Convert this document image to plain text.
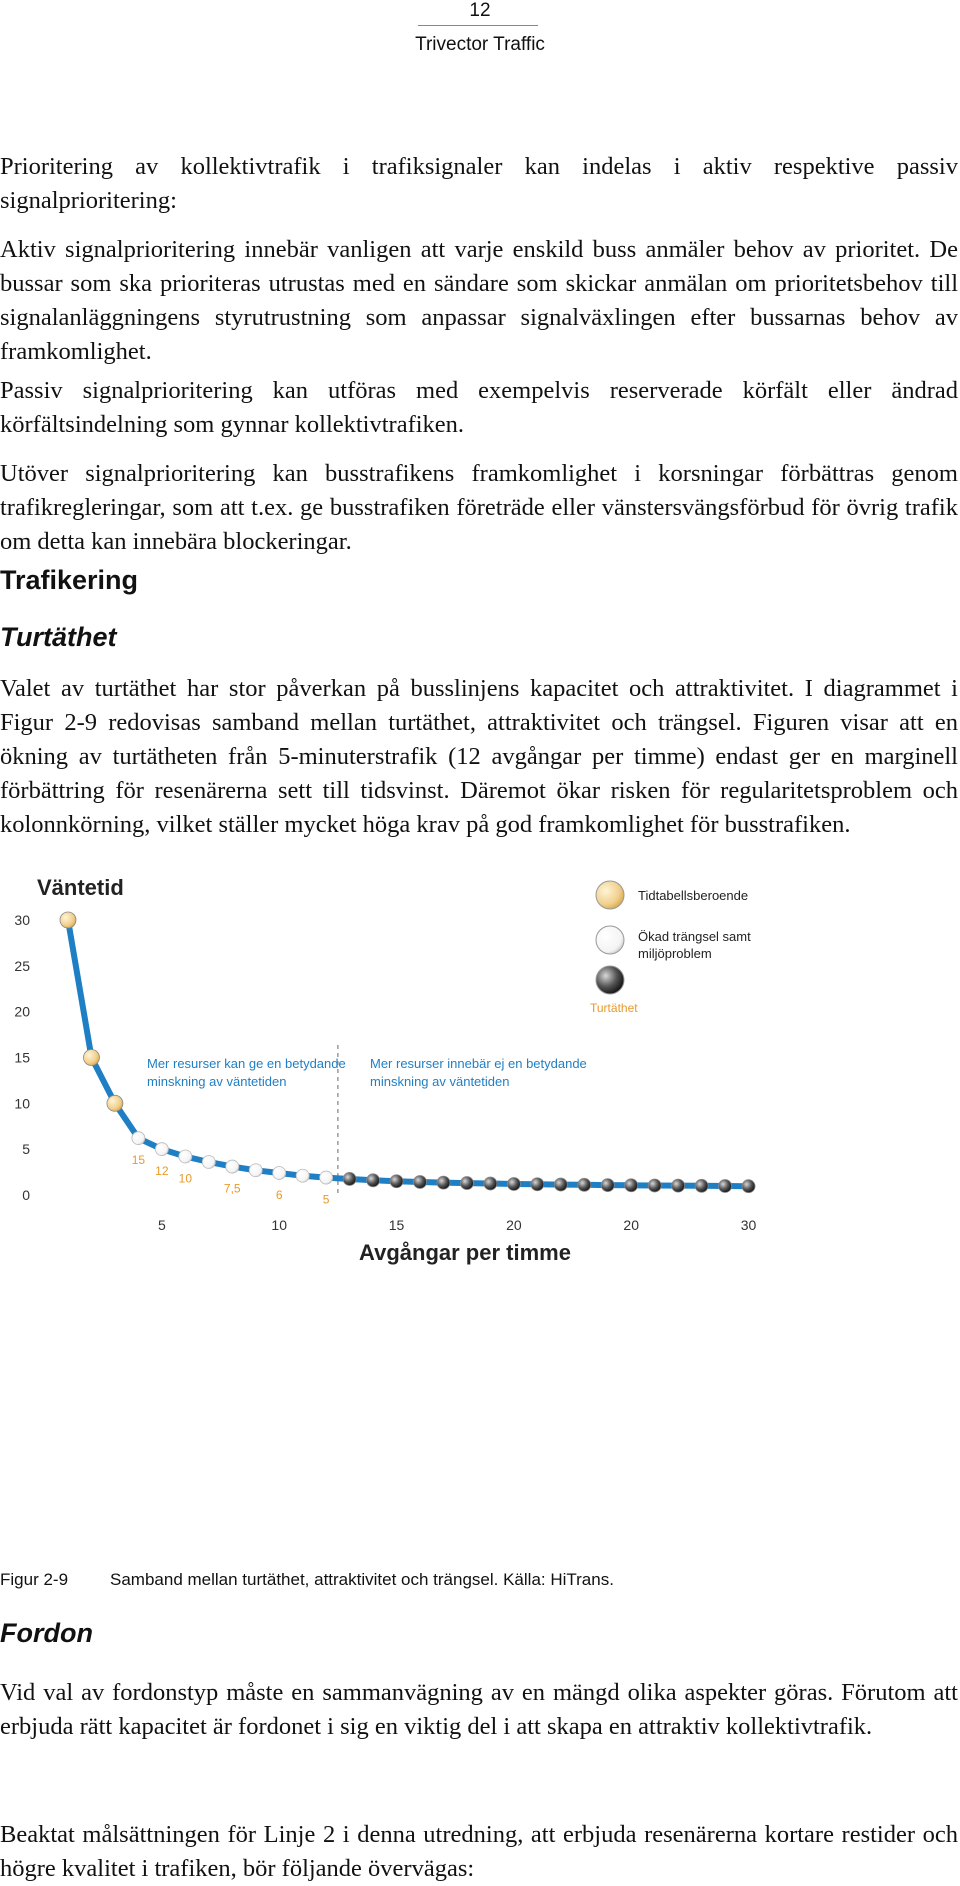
12
Trivector Traffic

Prioritering av kollektivtrafik i trafiksignaler kan indelas i aktiv respektive passiv signalprioritering:

Aktiv signalprioritering innebär vanligen att varje enskild buss anmäler behov av prioritet. De bussar som ska prioriteras utrustas med en sändare som skickar anmälan om prioritetsbehov till signalanläggningens styrutrustning som anpassar signalväxlingen efter bussarnas behov av framkomlighet.

Passiv signalprioritering kan utföras med exempelvis reserverade körfält eller ändrad körfältsindelning som gynnar kollektivtrafiken.

Utöver signalprioritering kan busstrafikens framkomlighet i korsningar förbättras genom trafikregleringar, som att t.ex. ge busstrafiken företräde eller vänstersvängsförbud för övrig trafik om detta kan innebära blockeringar.

Trafikering
Turtäthet

Valet av turtäthet har stor påverkan på busslinjens kapacitet och attraktivitet. I diagrammet i Figur 2-9 redovisas samband mellan turtäthet, attraktivitet och trängsel. Figuren visar att en ökning av turtätheten från 5-minuterstrafik (12 avgångar per timme) endast ger en marginell förbättring för resenärerna sett till tidsvinst. Däremot ökar risken för regularitetsproblem och kolonnkörning, vilket ställer mycket höga krav på god framkomlighet för busstrafiken.

Väntetid
0
5
10
15
20
25
30
5	10	15	20	20	30
Mer resurser kan ge en betydande minskning av väntetiden
Mer resurser innebär ej en betydande minskning av väntetiden
15
12
10
7,5	6	5
Tidtabellsberoende
Ökad trängsel samt miljöproblem
Turtäthet
Avgångar per timme
Figur 2-9 Samband mellan turtäthet, attraktivitet och trängsel. Källa: HiTrans.
Fordon

Vid val av fordonstyp måste en sammanvägning av en mängd olika aspekter göras. Förutom att erbjuda rätt kapacitet är fordonet i sig en viktig del i att skapa en attraktiv kollektivtrafik.

Beaktat målsättningen för Linje 2 i denna utredning, att erbjuda resenärerna kortare restider och högre kvalitet i trafiken, bör följande övervägas:
